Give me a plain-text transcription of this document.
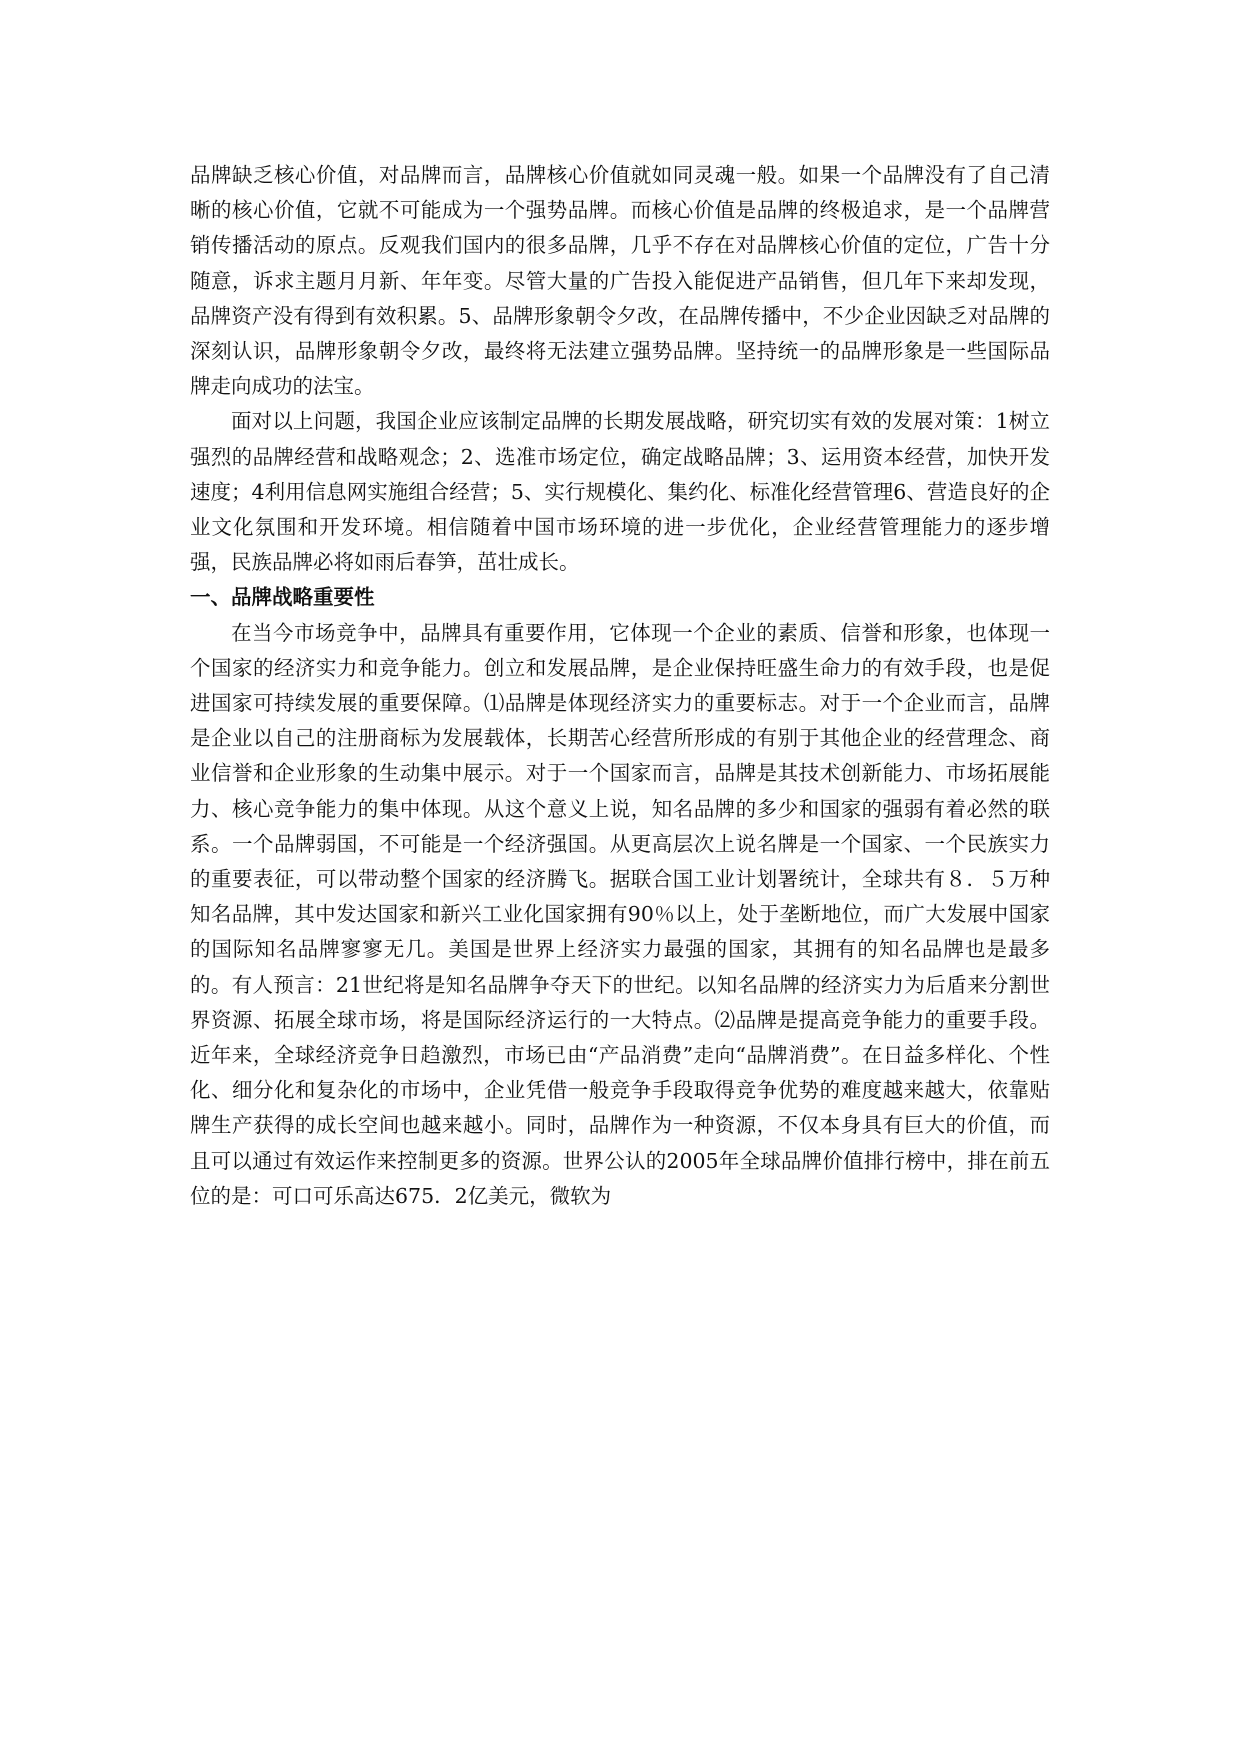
品牌缺乏核心价值，对品牌而言，品牌核心价值就如同灵魂一般。如果一个品牌没有了自己清晰的核心价值，它就不可能成为一个强势品牌。而核心价值是品牌的终极追求，是一个品牌营销传播活动的原点。反观我们国内的很多品牌，几乎不存在对品牌核心价值的定位，广告十分随意，诉求主题月月新、年年变。尽管大量的广告投入能促进产品销售，但几年下来却发现，品牌资产没有得到有效积累。5、品牌形象朝令夕改，在品牌传播中，不少企业因缺乏对品牌的深刻认识，品牌形象朝令夕改，最终将无法建立强势品牌。坚持统一的品牌形象是一些国际品牌走向成功的法宝。

面对以上问题，我国企业应该制定品牌的长期发展战略，研究切实有效的发展对策：1树立强烈的品牌经营和战略观念；2、选准市场定位，确定战略品牌；3、运用资本经营，加快开发速度；4利用信息网实施组合经营；5、实行规模化、集约化、标准化经营管理6、营造良好的企业文化氛围和开发环境。相信随着中国市场环境的进一步优化，企业经营管理能力的逐步增强，民族品牌必将如雨后春笋，茁壮成长。

一、品牌战略重要性

在当今市场竞争中，品牌具有重要作用，它体现一个企业的素质、信誉和形象，也体现一个国家的经济实力和竞争能力。创立和发展品牌，是企业保持旺盛生命力的有效手段，也是促进国家可持续发展的重要保障。⑴品牌是体现经济实力的重要标志。对于一个企业而言，品牌是企业以自己的注册商标为发展载体，长期苦心经营所形成的有别于其他企业的经营理念、商业信誉和企业形象的生动集中展示。对于一个国家而言，品牌是其技术创新能力、市场拓展能力、核心竞争能力的集中体现。从这个意义上说，知名品牌的多少和国家的强弱有着必然的联系。一个品牌弱国，不可能是一个经济强国。从更高层次上说名牌是一个国家、一个民族实力的重要表征，可以带动整个国家的经济腾飞。据联合国工业计划署统计，全球共有８．５万种知名品牌，其中发达国家和新兴工业化国家拥有90％以上，处于垄断地位，而广大发展中国家的国际知名品牌寥寥无几。美国是世界上经济实力最强的国家，其拥有的知名品牌也是最多的。有人预言：21世纪将是知名品牌争夺天下的世纪。以知名品牌的经济实力为后盾来分割世界资源、拓展全球市场，将是国际经济运行的一大特点。⑵品牌是提高竞争能力的重要手段。近年来，全球经济竞争日趋激烈，市场已由“产品消费”走向“品牌消费”。在日益多样化、个性化、细分化和复杂化的市场中，企业凭借一般竞争手段取得竞争优势的难度越来越大，依靠贴牌生产获得的成长空间也越来越小。同时，品牌作为一种资源，不仅本身具有巨大的价值，而且可以通过有效运作来控制更多的资源。世界公认的2005年全球品牌价值排行榜中，排在前五位的是：可口可乐高达675．2亿美元，微软为
